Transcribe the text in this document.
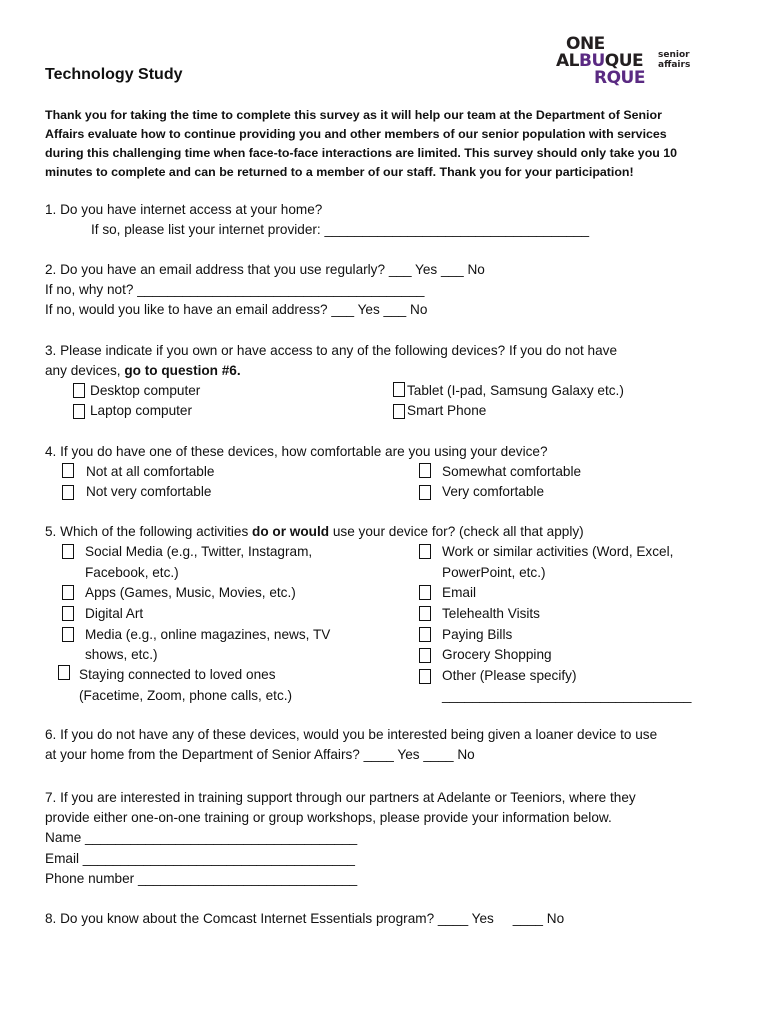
ONE
ALBUQUE
RQUE
senior affairs
Technology Study
Thank you for taking the time to complete this survey as it will help our team at the Department of Senior
Affairs evaluate how to continue providing you and other members of our senior population with services
during this challenging time when face-to-face interactions are limited. This survey should only take you 10
minutes to complete and can be returned to a member of our staff. Thank you for your participation!
1. Do you have internet access at your home?
If so, please list your internet provider: ___________________________________
2. Do you have an email address that you use regularly? ___ Yes ___ No
If no, why not? ______________________________________
If no, would you like to have an email address? ___ Yes ___ No
3. Please indicate if you own or have access to any of the following devices? If you do not have
any devices, go to question #6.
Desktop computer
Laptop computer
Tablet (I-pad, Samsung Galaxy etc.)
Smart Phone
4. If you do have one of these devices, how comfortable are you using your device?
Not at all comfortable
Not very comfortable
Somewhat comfortable
Very comfortable
5. Which of the following activities do or would use your device for? (check all that apply)
Social Media (e.g., Twitter, Instagram,
Facebook, etc.)
Apps (Games, Music, Movies, etc.)
Digital Art
Media (e.g., online magazines, news, TV
shows, etc.)
Staying connected to loved ones
(Facetime, Zoom, phone calls, etc.)
Work or similar activities (Word, Excel,
PowerPoint, etc.)
Email
Telehealth Visits
Paying Bills
Grocery Shopping
Other (Please specify)
_________________________________
6. If you do not have any of these devices, would you be interested being given a loaner device to use
at your home from the Department of Senior Affairs? ____ Yes ____ No
7. If you are interested in training support through our partners at Adelante or Teeniors, where they
provide either one-on-one training or group workshops, please provide your information below.
Name ____________________________________
Email ____________________________________
Phone number _____________________________
8. Do you know about the Comcast Internet Essentials program? ____ Yes     ____ No
